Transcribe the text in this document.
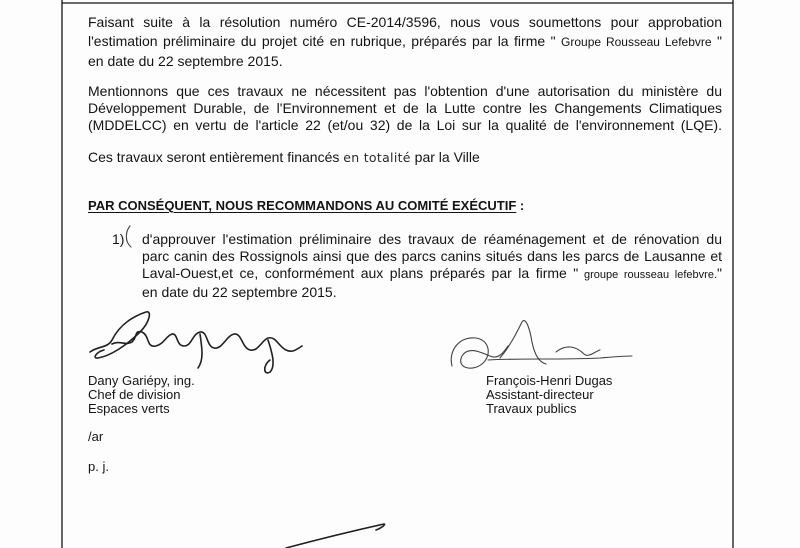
Faisant suite à la résolution numéro CE-2014/3596, nous vous soumettons pour approbation
l'estimation préliminaire du projet cité en rubrique, préparés par la firme " Groupe Rousseau Lefebvre "
en date du 22 septembre 2015.
Mentionnons que ces travaux ne nécessitent pas l'obtention d'une autorisation du ministère du
Développement Durable, de l'Environnement et de la Lutte contre les Changements Climatiques
(MDDELCC) en vertu de l'article 22 (et/ou 32) de la Loi sur la qualité de l'environnement (LQE).
Ces travaux seront entièrement financés en totalité par la Ville
PAR CONSÉQUENT, NOUS RECOMMANDONS AU COMITÉ EXÉCUTIF :
1) d'approuver l'estimation préliminaire des travaux de réaménagement et de rénovation du
parc canin des Rossignols ainsi que des parcs canins situés dans les parcs de Lausanne et
Laval-Ouest,et ce, conformément aux plans préparés par la firme " groupe rousseau lefebvre."
en date du 22 septembre 2015.
Dany Gariépy, ing.
Chef de division
Espaces verts
François-Henri Dugas
Assistant-directeur
Travaux publics
/ar
p. j.
